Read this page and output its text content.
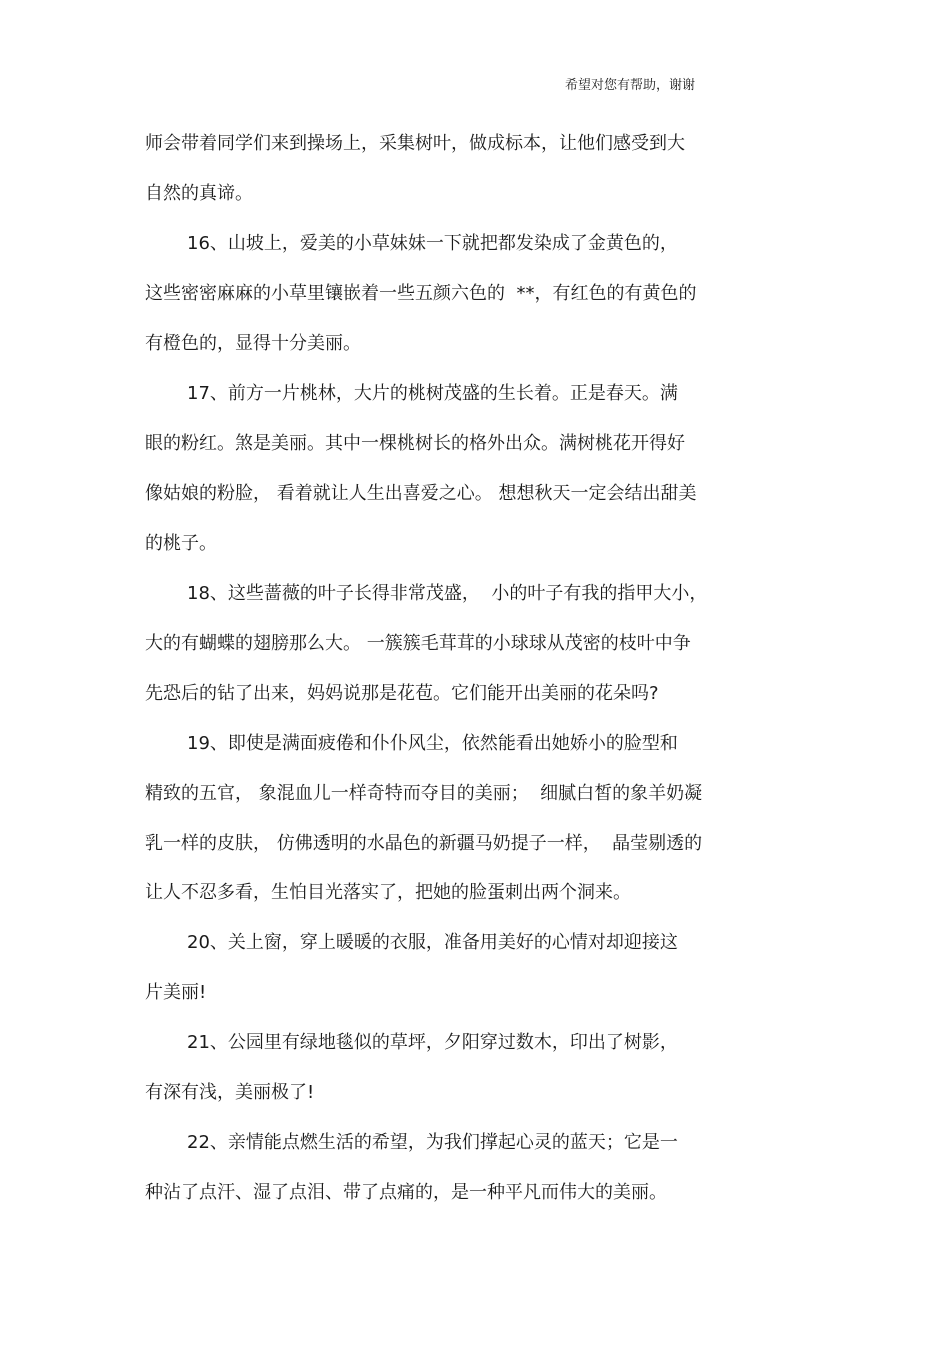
希望对您有帮助，谢谢
师会带着同学们来到操场上，采集树叶，做成标本，让他们感受到大
自然的真谛。
16、山坡上，爱美的小草妹妹一下就把都发染成了金黄色的，
这些密密麻麻的小草里镶嵌着一些五颜六色的  **，有红色的有黄色的
有橙色的，显得十分美丽。
17、前方一片桃林，大片的桃树茂盛的生长着。正是春天。满
眼的粉红。煞是美丽。其中一棵桃树长的格外出众。满树桃花开得好
像姑娘的粉脸， 看着就让人生出喜爱之心。 想想秋天一定会结出甜美
的桃子。
18、这些蔷薇的叶子长得非常茂盛，  小的叶子有我的指甲大小，
大的有蝴蝶的翅膀那么大。 一簇簇毛茸茸的小球球从茂密的枝叶中争
先恐后的钻了出来，妈妈说那是花苞。它们能开出美丽的花朵吗?
19、即使是满面疲倦和仆仆风尘，依然能看出她娇小的脸型和
精致的五官， 象混血儿一样奇特而夺目的美丽；  细腻白皙的象羊奶凝
乳一样的皮肤， 仿佛透明的水晶色的新疆马奶提子一样，  晶莹剔透的
让人不忍多看，生怕目光落实了，把她的脸蛋刺出两个洞来。
20、关上窗，穿上暖暖的衣服，准备用美好的心情对却迎接这
片美丽!
21、公园里有绿地毯似的草坪，夕阳穿过数木，印出了树影，
有深有浅，美丽极了!
22、亲情能点燃生活的希望，为我们撑起心灵的蓝天；它是一
种沾了点汗、湿了点泪、带了点痛的，是一种平凡而伟大的美丽。
